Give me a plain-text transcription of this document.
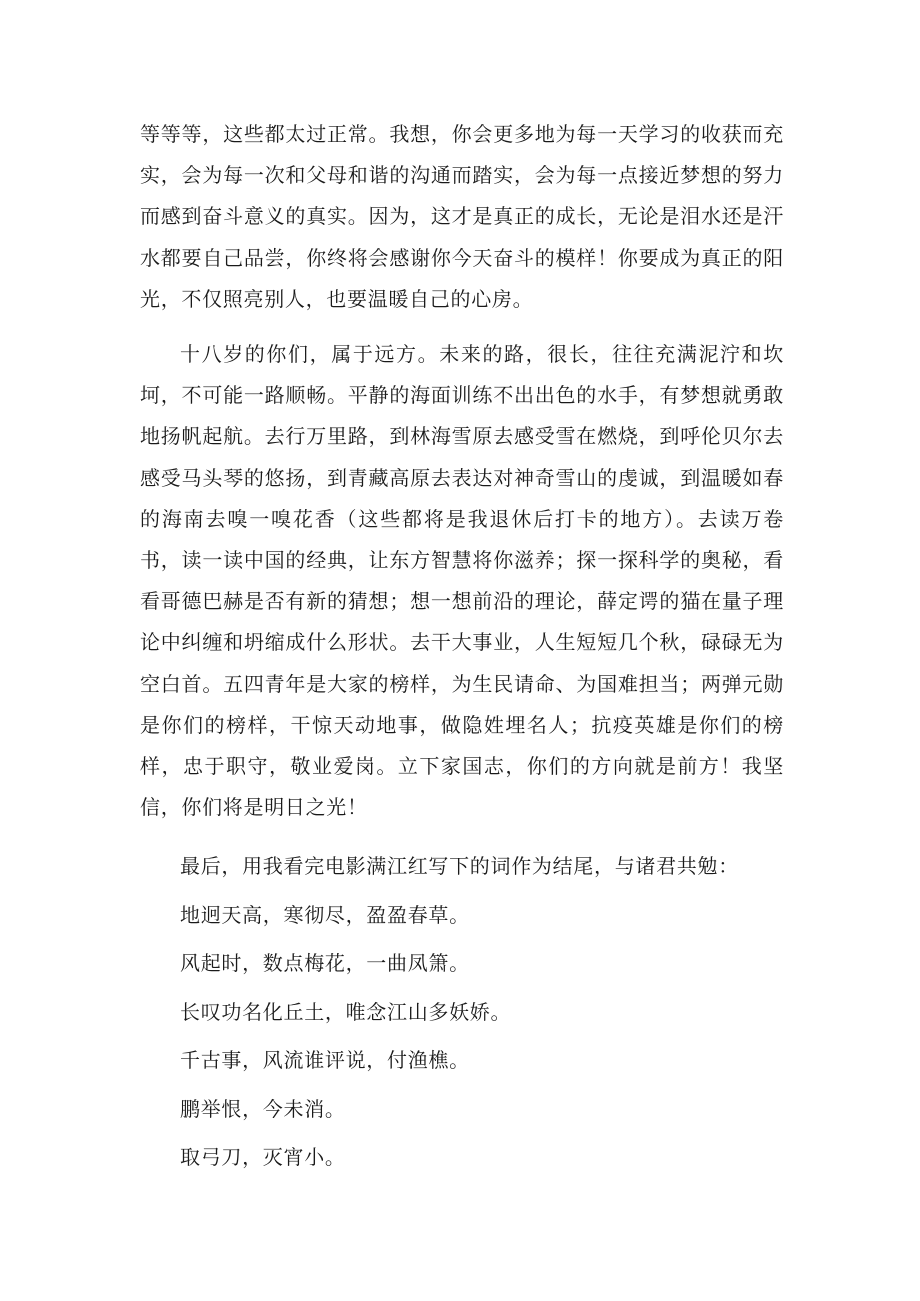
等等等，这些都太过正常。我想，你会更多地为每一天学习的收获而充实，会为每一次和父母和谐的沟通而踏实，会为每一点接近梦想的努力而感到奋斗意义的真实。因为，这才是真正的成长，无论是泪水还是汗水都要自己品尝，你终将会感谢你今天奋斗的模样！你要成为真正的阳光，不仅照亮别人，也要温暖自己的心房。

十八岁的你们，属于远方。未来的路，很长，往往充满泥泞和坎坷，不可能一路顺畅。平静的海面训练不出出色的水手，有梦想就勇敢地扬帆起航。去行万里路，到林海雪原去感受雪在燃烧，到呼伦贝尔去感受马头琴的悠扬，到青藏高原去表达对神奇雪山的虔诚，到温暖如春的海南去嗅一嗅花香（这些都将是我退休后打卡的地方）。去读万卷书，读一读中国的经典，让东方智慧将你滋养；探一探科学的奥秘，看看哥德巴赫是否有新的猜想；想一想前沿的理论，薛定谔的猫在量子理论中纠缠和坍缩成什么形状。去干大事业，人生短短几个秋，碌碌无为空白首。五四青年是大家的榜样，为生民请命、为国难担当；两弹元勋是你们的榜样，干惊天动地事，做隐姓埋名人；抗疫英雄是你们的榜样，忠于职守，敬业爱岗。立下家国志，你们的方向就是前方！我坚信，你们将是明日之光！

最后，用我看完电影满江红写下的词作为结尾，与诸君共勉：
地迥天高，寒彻尽，盈盈春草。
风起时，数点梅花，一曲凤箫。
长叹功名化丘土，唯念江山多妖娇。
千古事，风流谁评说，付渔樵。
鹏举恨，今未消。
取弓刀，灭宵小。
